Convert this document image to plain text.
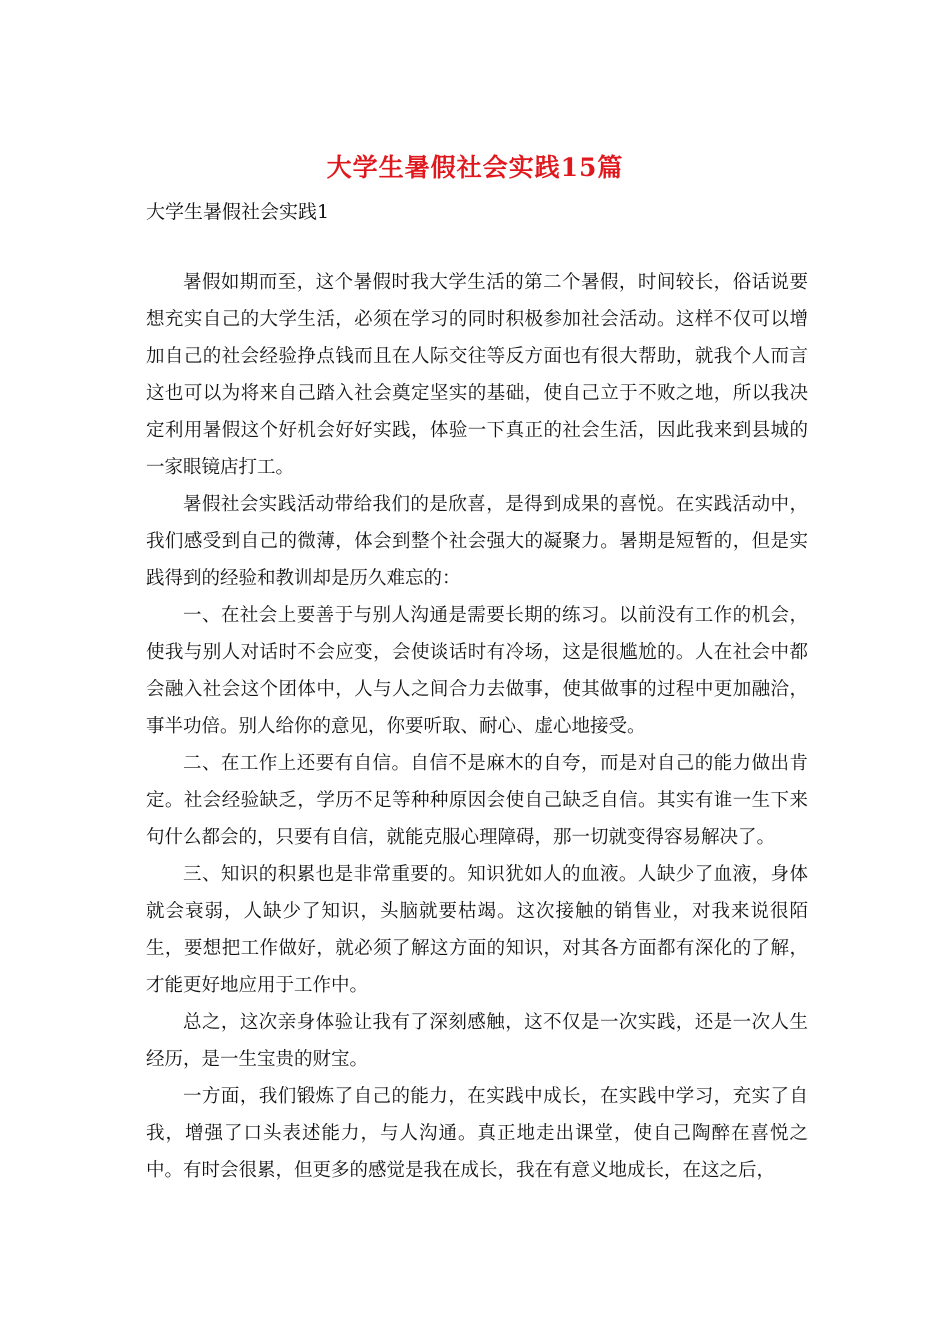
大学生暑假社会实践15篇
大学生暑假社会实践1

暑假如期而至，这个暑假时我大学生活的第二个暑假，时间较长，俗话说要想充实自己的大学生活，必须在学习的同时积极参加社会活动。这样不仅可以增加自己的社会经验挣点钱而且在人际交往等反方面也有很大帮助，就我个人而言这也可以为将来自己踏入社会奠定坚实的基础，使自己立于不败之地，所以我决定利用暑假这个好机会好好实践，体验一下真正的社会生活，因此我来到县城的一家眼镜店打工。

暑假社会实践活动带给我们的是欣喜，是得到成果的喜悦。在实践活动中，我们感受到自己的微薄，体会到整个社会强大的凝聚力。暑期是短暂的，但是实践得到的经验和教训却是历久难忘的：

一、在社会上要善于与别人沟通是需要长期的练习。以前没有工作的机会，使我与别人对话时不会应变，会使谈话时有冷场，这是很尴尬的。人在社会中都会融入社会这个团体中，人与人之间合力去做事，使其做事的过程中更加融洽，事半功倍。别人给你的意见，你要听取、耐心、虚心地接受。

二、在工作上还要有自信。自信不是麻木的自夸，而是对自己的能力做出肯定。社会经验缺乏，学历不足等种种原因会使自己缺乏自信。其实有谁一生下来句什么都会的，只要有自信，就能克服心理障碍，那一切就变得容易解决了。

三、知识的积累也是非常重要的。知识犹如人的血液。人缺少了血液，身体就会衰弱，人缺少了知识，头脑就要枯竭。这次接触的销售业，对我来说很陌生，要想把工作做好，就必须了解这方面的知识，对其各方面都有深化的了解，才能更好地应用于工作中。

总之，这次亲身体验让我有了深刻感触，这不仅是一次实践，还是一次人生经历，是一生宝贵的财宝。

一方面，我们锻炼了自己的能力，在实践中成长，在实践中学习，充实了自我，增强了口头表述能力，与人沟通。真正地走出课堂，使自己陶醉在喜悦之中。有时会很累，但更多的感觉是我在成长，我在有意义地成长，在这之后，
